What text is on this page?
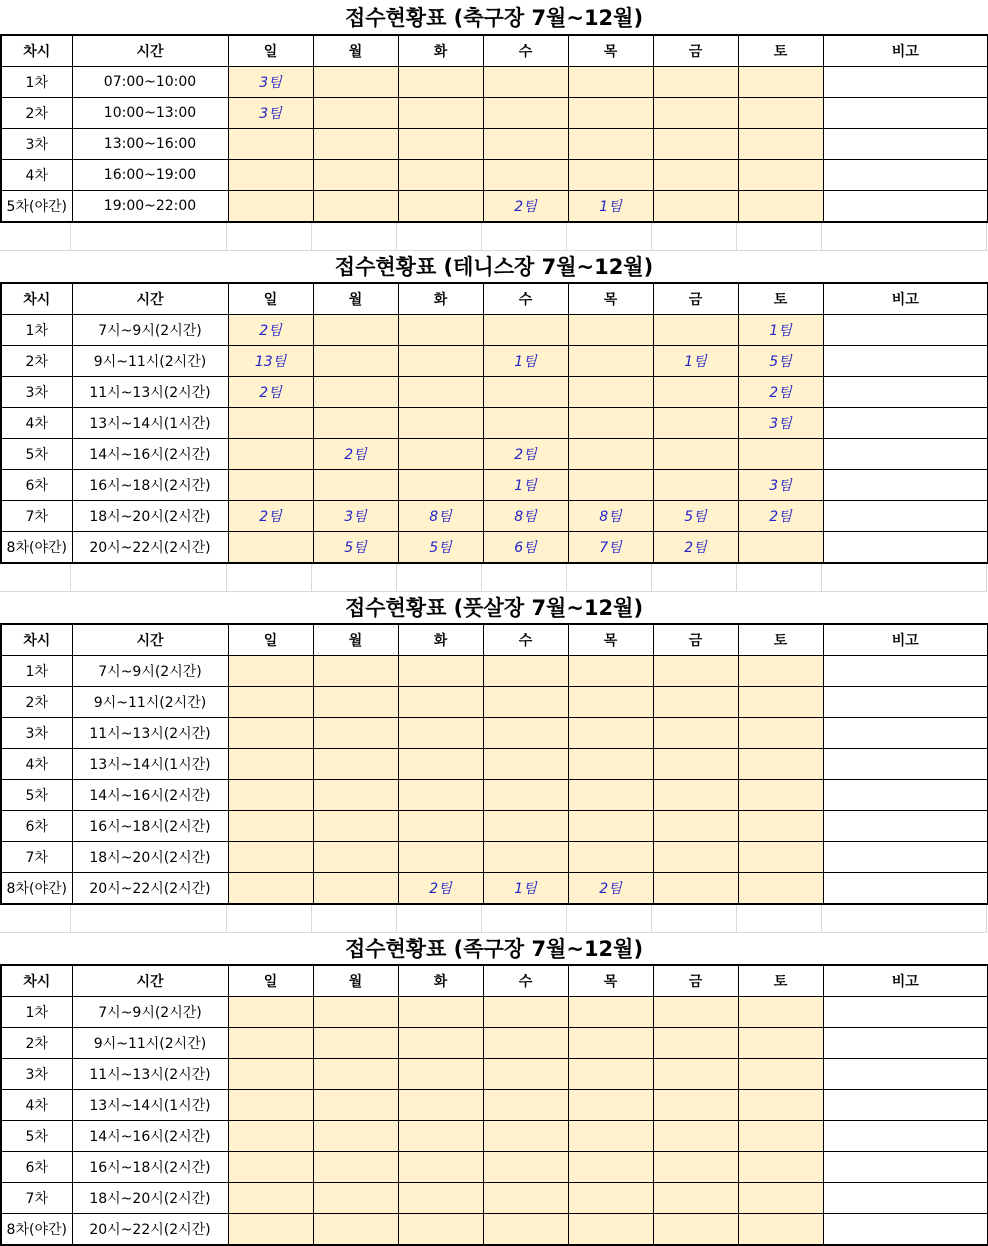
접수현황표 (축구장 7월~12월)
차시	시간	일	월	화	수	목	금	토	비고
1차	07:00~10:00	3팀							
2차	10:00~13:00	3팀							
3차	13:00~16:00								
4차	16:00~19:00								
5차(야간)	19:00~22:00				2팀	1팀			
접수현황표 (테니스장 7월~12월)
차시	시간	일	월	화	수	목	금	토	비고
1차	7시~9시(2시간)	2팀						1팀	
2차	9시~11시(2시간)	13팀			1팀		1팀	5팀	
3차	11시~13시(2시간)	2팀						2팀	
4차	13시~14시(1시간)							3팀	
5차	14시~16시(2시간)		2팀		2팀				
6차	16시~18시(2시간)				1팀			3팀	
7차	18시~20시(2시간)	2팀	3팀	8팀	8팀	8팀	5팀	2팀	
8차(야간)	20시~22시(2시간)		5팀	5팀	6팀	7팀	2팀		
접수현황표 (풋살장 7월~12월)
차시	시간	일	월	화	수	목	금	토	비고
1차	7시~9시(2시간)								
2차	9시~11시(2시간)								
3차	11시~13시(2시간)								
4차	13시~14시(1시간)								
5차	14시~16시(2시간)								
6차	16시~18시(2시간)								
7차	18시~20시(2시간)								
8차(야간)	20시~22시(2시간)			2팀	1팀	2팀			
접수현황표 (족구장 7월~12월)
차시	시간	일	월	화	수	목	금	토	비고
1차	7시~9시(2시간)								
2차	9시~11시(2시간)								
3차	11시~13시(2시간)								
4차	13시~14시(1시간)								
5차	14시~16시(2시간)								
6차	16시~18시(2시간)								
7차	18시~20시(2시간)								
8차(야간)	20시~22시(2시간)								
